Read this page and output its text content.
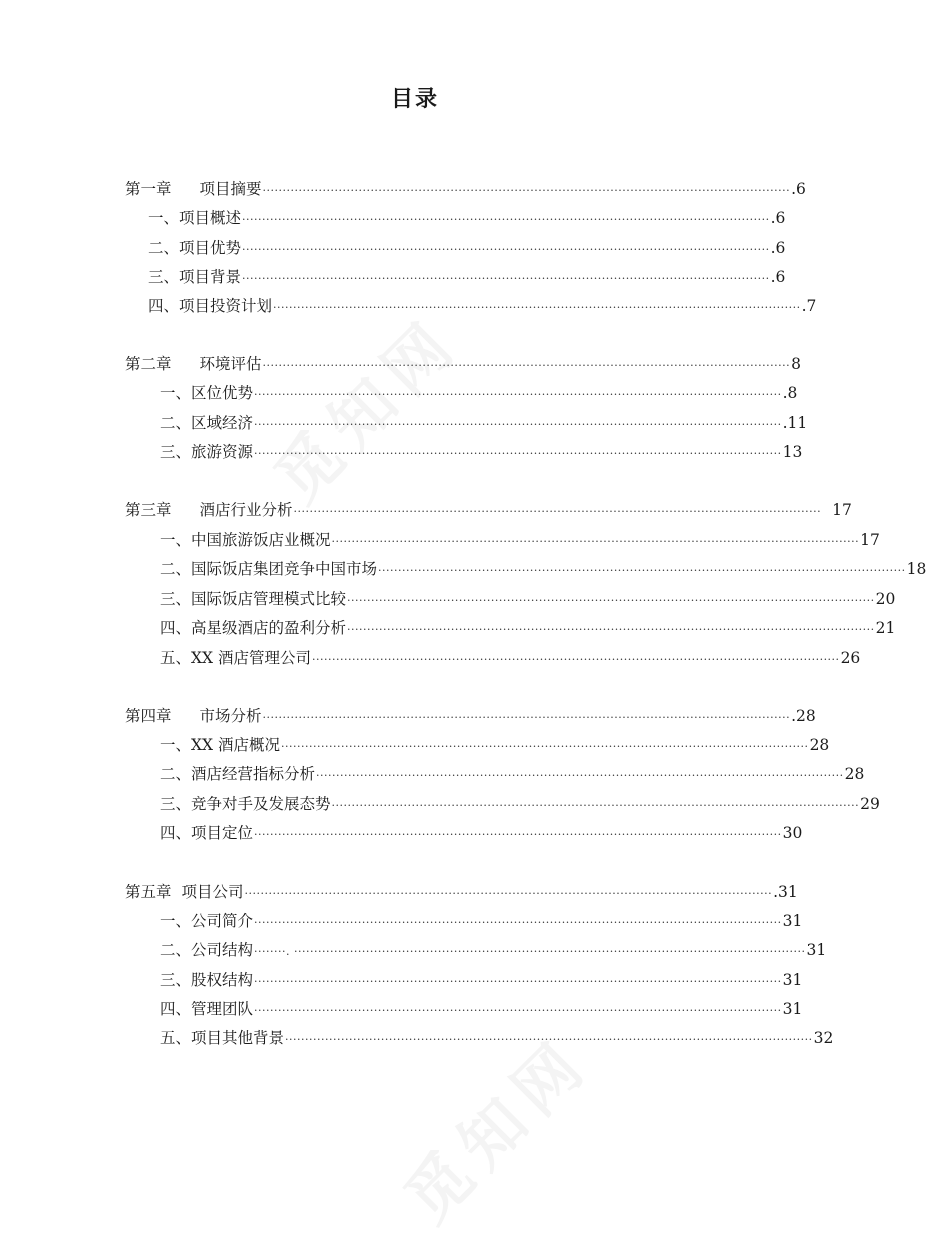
目录
第一章 项目摘要 ···································································································································· .6
一、项目概述 ···································································································································· .6
二、项目优势 ···································································································································· .6
三、项目背景 ···································································································································· .6
四、项目投资计划 ···································································································································· .7
第二章 环境评估 ···································································································································· 8
一、区位优势 ···································································································································· .8
二、区域经济 ···································································································································· .11
三、旅游资源 ···································································································································· 13
第三章 酒店行业分析 ···································································································································· 17
一、中国旅游饭店业概况 ···································································································································· 17
二、国际饭店集团竞争中国市场 ···································································································································· 18
三、国际饭店管理模式比较 ···································································································································· 20
四、高星级酒店的盈利分析 ···································································································································· 21
五、XX 酒店管理公司 ···································································································································· 26
第四章 市场分析 ···································································································································· .28
一、XX 酒店概况 ···································································································································· 28
二、酒店经营指标分析 ···································································································································· 28
三、竞争对手及发展态势 ···································································································································· 29
四、项目定位 ···································································································································· 30
第五章 项目公司 ···································································································································· .31
一、公司简介 ···································································································································· 31
二、公司结构 ········. ································································································································ 31
三、股权结构 ···································································································································· 31
四、管理团队 ···································································································································· 31
五、项目其他背景 ···································································································································· 32
